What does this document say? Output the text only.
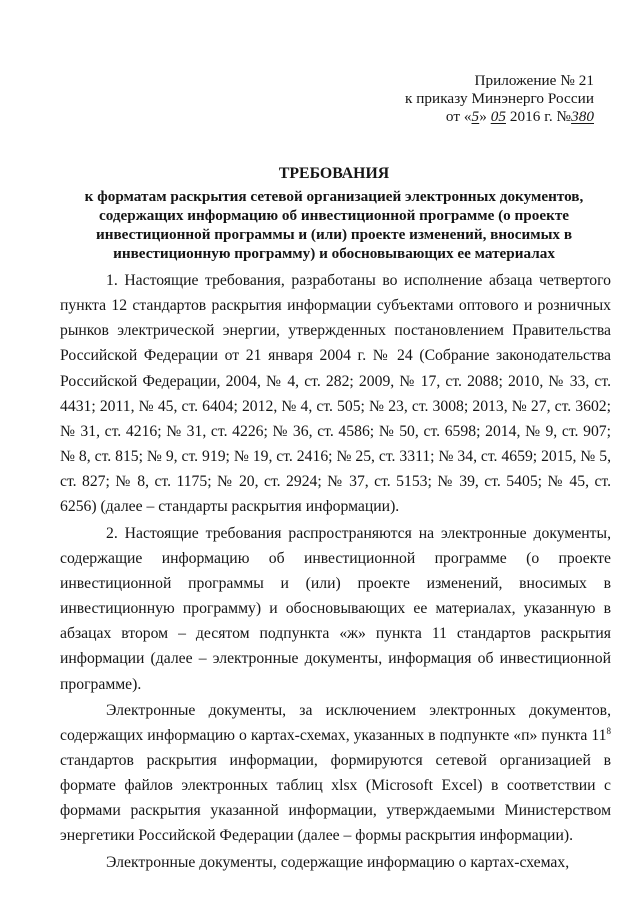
Приложение № 21
к приказу Минэнерго России
от «5» 05 2016 г. №380
ТРЕБОВАНИЯ
к форматам раскрытия сетевой организацией электронных документов, содержащих информацию об инвестиционной программе (о проекте инвестиционной программы и (или) проекте изменений, вносимых в инвестиционную программу) и обосновывающих ее материалах

1. Настоящие требования, разработаны во исполнение абзаца четвертого пункта 12 стандартов раскрытия информации субъектами оптового и розничных рынков электрической энергии, утвержденных постановлением Правительства Российской Федерации от 21 января 2004 г. № 24 (Собрание законодательства Российской Федерации, 2004, № 4, ст. 282; 2009, № 17, ст. 2088; 2010, № 33, ст. 4431; 2011, № 45, ст. 6404; 2012, № 4, ст. 505; № 23, ст. 3008; 2013, № 27, ст. 3602; № 31, ст. 4216; № 31, ст. 4226; № 36, ст. 4586; № 50, ст. 6598; 2014, № 9, ст. 907; № 8, ст. 815; № 9, ст. 919; № 19, ст. 2416; № 25, ст. 3311; № 34, ст. 4659; 2015, № 5, ст. 827; № 8, ст. 1175; № 20, ст. 2924; № 37, ст. 5153; № 39, ст. 5405; № 45, ст. 6256) (далее – стандарты раскрытия информации).

2. Настоящие требования распространяются на электронные документы, содержащие информацию об инвестиционной программе (о проекте инвестиционной программы и (или) проекте изменений, вносимых в инвестиционную программу) и обосновывающих ее материалах, указанную в абзацах втором – десятом подпункта «ж» пункта 11 стандартов раскрытия информации (далее – электронные документы, информация об инвестиционной программе).

Электронные документы, за исключением электронных документов, содержащих информацию о картах-схемах, указанных в подпункте «п» пункта $11^8$ стандартов раскрытия информации, формируются сетевой организацией в формате файлов электронных таблиц xlsx (Microsoft Excel) в соответствии с формами раскрытия указанной информации, утверждаемыми Министерством энергетики Российской Федерации (далее – формы раскрытия информации).

Электронные документы, содержащие информацию о картах-схемах,
